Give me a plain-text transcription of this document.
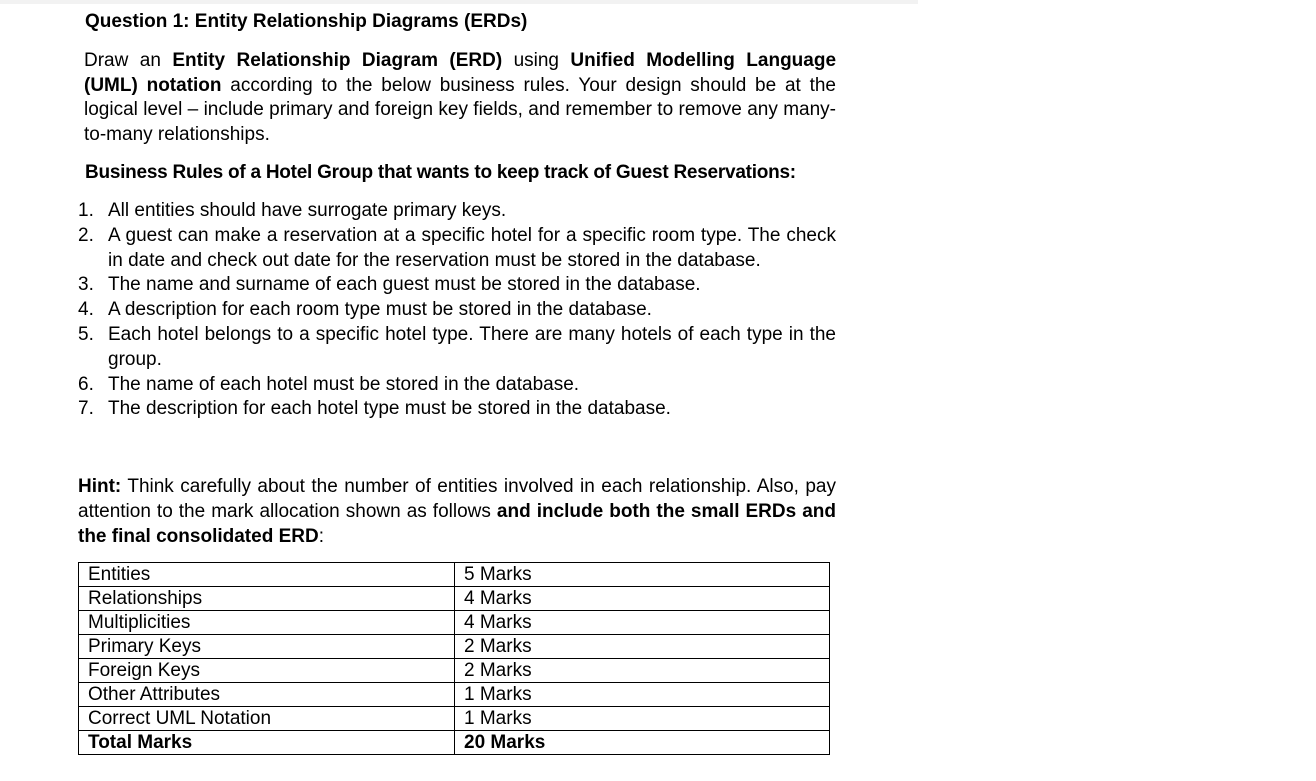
Question 1: Entity Relationship Diagrams (ERDs)

Draw an Entity Relationship Diagram (ERD) using Unified Modelling Language (UML) notation according to the below business rules. Your design should be at the logical level – include primary and foreign key fields, and remember to remove any many-to-many relationships.

Business Rules of a Hotel Group that wants to keep track of Guest Reservations:
1. All entities should have surrogate primary keys.
2. A guest can make a reservation at a specific hotel for a specific room type. The check in date and check out date for the reservation must be stored in the database.
3. The name and surname of each guest must be stored in the database.
4. A description for each room type must be stored in the database.
5. Each hotel belongs to a specific hotel type. There are many hotels of each type in the group.
6. The name of each hotel must be stored in the database.
7. The description for each hotel type must be stored in the database.

Hint: Think carefully about the number of entities involved in each relationship. Also, pay attention to the mark allocation shown as follows and include both the small ERDs and the final consolidated ERD:

Entities	5 Marks
Relationships	4 Marks
Multiplicities	4 Marks
Primary Keys	2 Marks
Foreign Keys	2 Marks
Other Attributes	1 Marks
Correct UML Notation	1 Marks
Total Marks	20 Marks
